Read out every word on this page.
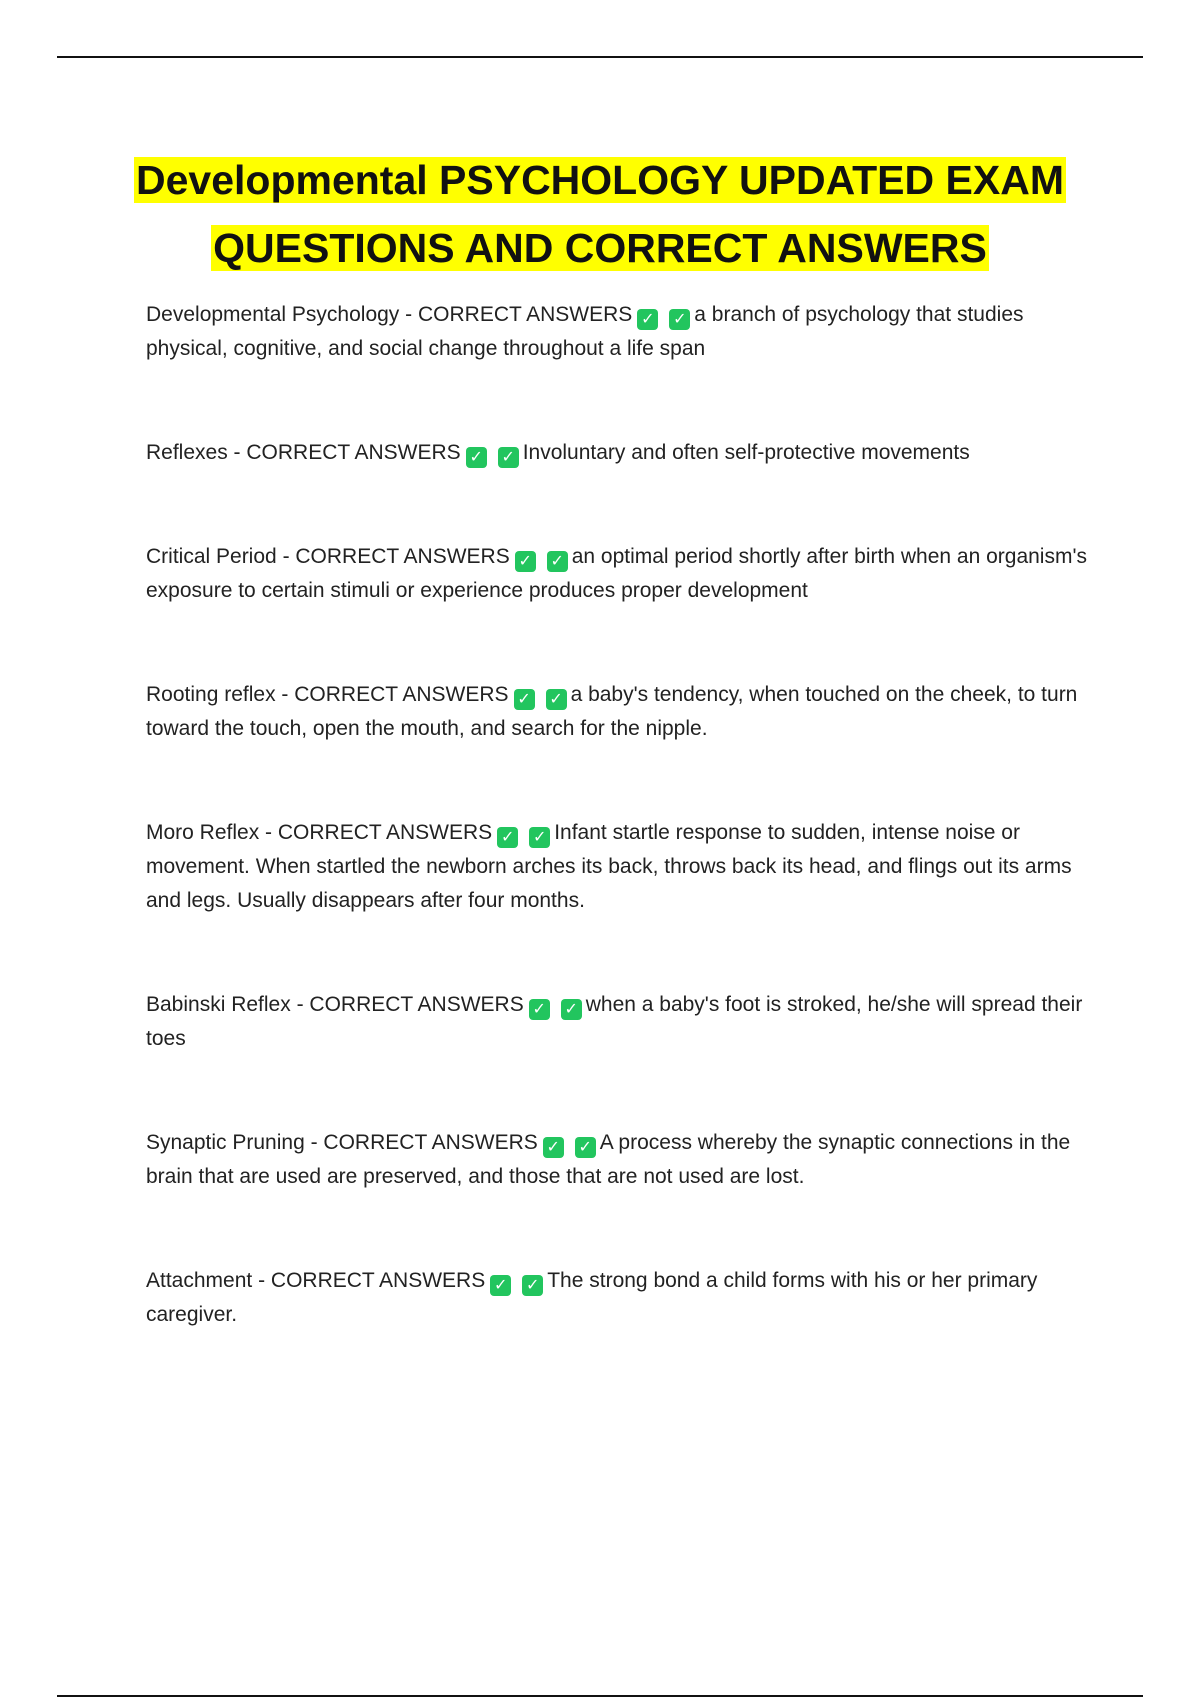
Developmental PSYCHOLOGY UPDATED EXAM
QUESTIONS AND CORRECT ANSWERS

Developmental Psychology - CORRECT ANSWERS ✓ ✓ a branch of psychology that studies physical, cognitive, and social change throughout a life span

Reflexes - CORRECT ANSWERS ✓ ✓ Involuntary and often self-protective movements

Critical Period - CORRECT ANSWERS ✓ ✓ an optimal period shortly after birth when an organism's exposure to certain stimuli or experience produces proper development

Rooting reflex - CORRECT ANSWERS ✓ ✓ a baby's tendency, when touched on the cheek, to turn toward the touch, open the mouth, and search for the nipple.

Moro Reflex - CORRECT ANSWERS ✓ ✓ Infant startle response to sudden, intense noise or movement. When startled the newborn arches its back, throws back its head, and flings out its arms and legs. Usually disappears after four months.

Babinski Reflex - CORRECT ANSWERS ✓ ✓ when a baby's foot is stroked, he/she will spread their toes

Synaptic Pruning - CORRECT ANSWERS ✓ ✓ A process whereby the synaptic connections in the brain that are used are preserved, and those that are not used are lost.

Attachment - CORRECT ANSWERS ✓ ✓ The strong bond a child forms with his or her primary caregiver.
